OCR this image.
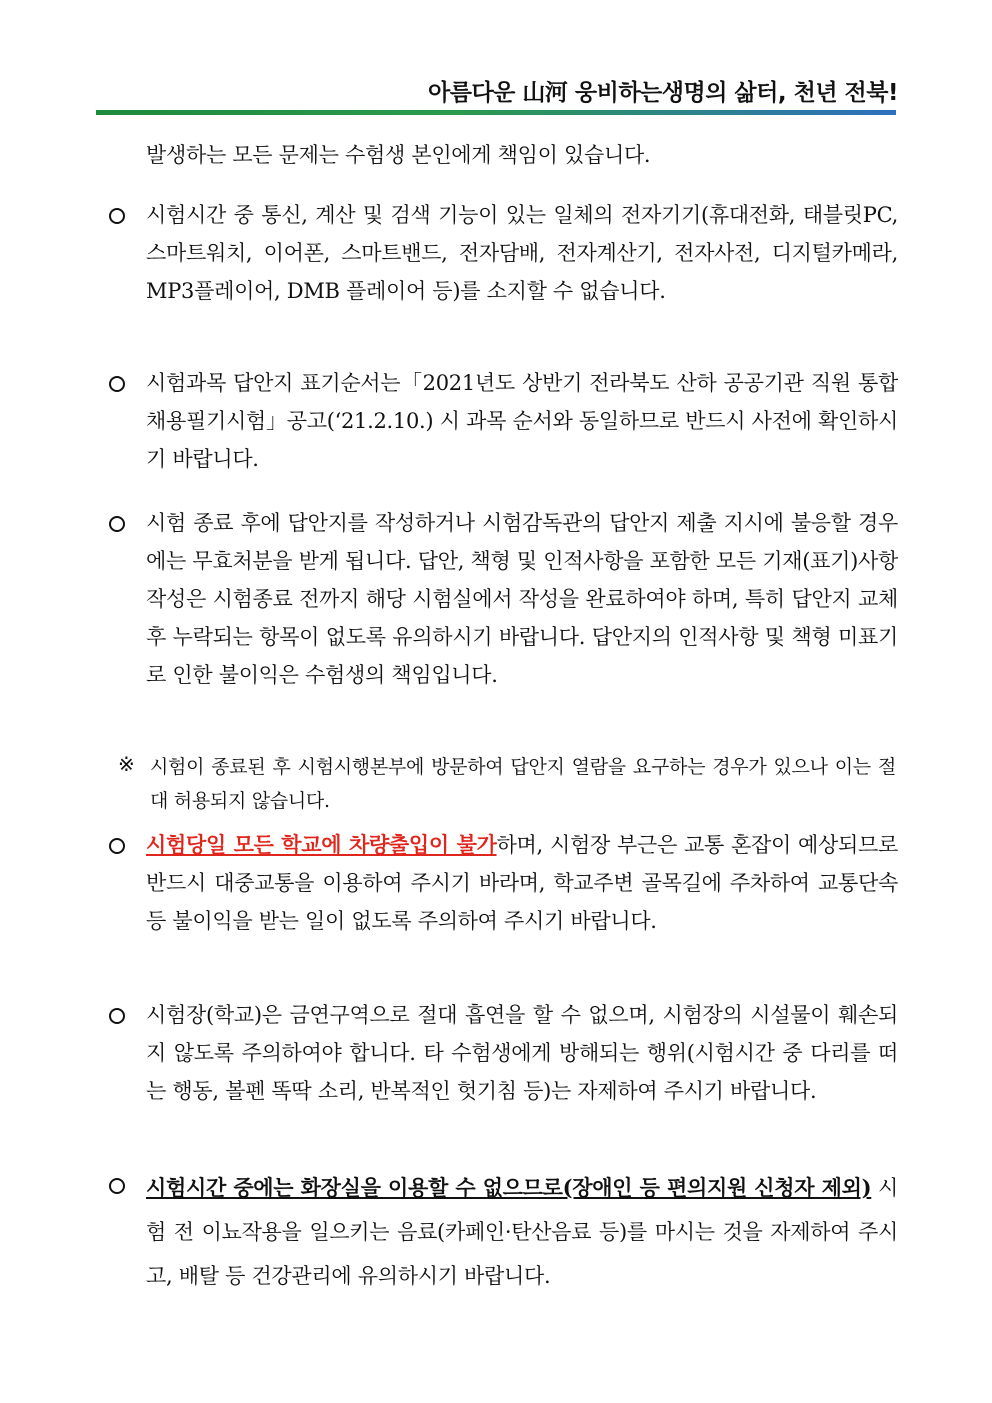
아름다운 山河 웅비하는생명의 삶터, 천년 전북!
발생하는 모든 문제는 수험생 본인에게 책임이 있습니다.
시험시간 중 통신, 계산 및 검색 기능이 있는 일체의 전자기기(휴대전화, 태블릿PC, 스마트워치, 이어폰, 스마트밴드, 전자담배, 전자계산기, 전자사전, 디지털카메라, MP3플레이어, DMB 플레이어 등)를 소지할 수 없습니다.
시험과목 답안지 표기순서는「2021년도 상반기 전라북도 산하 공공기관 직원 통합채용필기시험」공고(‘21.2.10.) 시 과목 순서와 동일하므로 반드시 사전에 확인하시기 바랍니다.
시험 종료 후에 답안지를 작성하거나 시험감독관의 답안지 제출 지시에 불응할 경우에는 무효처분을 받게 됩니다. 답안, 책형 및 인적사항을 포함한 모든 기재(표기)사항 작성은 시험종료 전까지 해당 시험실에서 작성을 완료하여야 하며, 특히 답안지 교체 후 누락되는 항목이 없도록 유의하시기 바랍니다. 답안지의 인적사항 및 책형 미표기로 인한 불이익은 수험생의 책임입니다.
※ 시험이 종료된 후 시험시행본부에 방문하여 답안지 열람을 요구하는 경우가 있으나 이는 절대 허용되지 않습니다.
시험당일 모든 학교에 차량출입이 불가하며, 시험장 부근은 교통 혼잡이 예상되므로 반드시 대중교통을 이용하여 주시기 바라며, 학교주변 골목길에 주차하여 교통단속 등 불이익을 받는 일이 없도록 주의하여 주시기 바랍니다.
시험장(학교)은 금연구역으로 절대 흡연을 할 수 없으며, 시험장의 시설물이 훼손되지 않도록 주의하여야 합니다. 타 수험생에게 방해되는 행위(시험시간 중 다리를 떠는 행동, 볼펜 똑딱 소리, 반복적인 헛기침 등)는 자제하여 주시기 바랍니다.
시험시간 중에는 화장실을 이용할 수 없으므로(장애인 등 편의지원 신청자 제외) 시험 전 이뇨작용을 일으키는 음료(카페인·탄산음료 등)를 마시는 것을 자제하여 주시고, 배탈 등 건강관리에 유의하시기 바랍니다.
